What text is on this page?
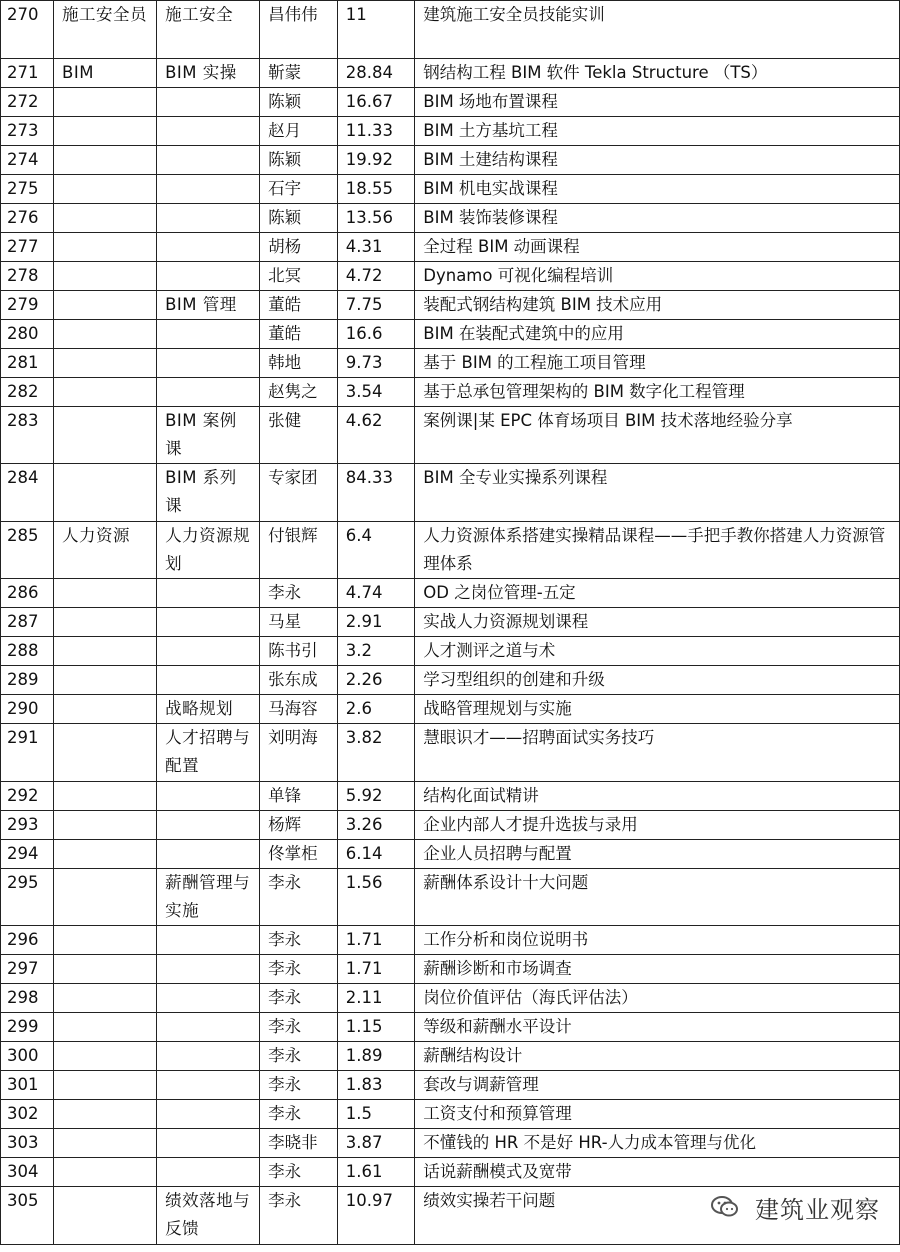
270	施工安全员	施工安全	昌伟伟	11	建筑施工安全员技能实训
271	BIM	BIM 实操	靳蒙	28.84	钢结构工程 BIM 软件 Tekla Structure （TS）
272			陈颖	16.67	BIM 场地布置课程
273			赵月	11.33	BIM 土方基坑工程
274			陈颖	19.92	BIM 土建结构课程
275			石宇	18.55	BIM 机电实战课程
276			陈颖	13.56	BIM 装饰装修课程
277			胡杨	4.31	全过程 BIM 动画课程
278			北冥	4.72	Dynamo 可视化编程培训
279		BIM 管理	董皓	7.75	装配式钢结构建筑 BIM 技术应用
280			董皓	16.6	BIM 在装配式建筑中的应用
281			韩地	9.73	基于 BIM 的工程施工项目管理
282			赵隽之	3.54	基于总承包管理架构的 BIM 数字化工程管理
283		BIM 案例课	张健	4.62	案例课|某 EPC 体育场项目 BIM 技术落地经验分享
284		BIM 系列课	专家团	84.33	BIM 全专业实操系列课程
285	人力资源	人力资源规划	付银辉	6.4	人力资源体系搭建实操精品课程——手把手教你搭建人力资源管理体系
286			李永	4.74	OD 之岗位管理-五定
287			马星	2.91	实战人力资源规划课程
288			陈书引	3.2	人才测评之道与术
289			张东成	2.26	学习型组织的创建和升级
290		战略规划	马海容	2.6	战略管理规划与实施
291		人才招聘与配置	刘明海	3.82	慧眼识才——招聘面试实务技巧
292			单锋	5.92	结构化面试精讲
293			杨辉	3.26	企业内部人才提升选拔与录用
294			佟掌柜	6.14	企业人员招聘与配置
295		薪酬管理与实施	李永	1.56	薪酬体系设计十大问题
296			李永	1.71	工作分析和岗位说明书
297			李永	1.71	薪酬诊断和市场调查
298			李永	2.11	岗位价值评估（海氏评估法）
299			李永	1.15	等级和薪酬水平设计
300			李永	1.89	薪酬结构设计
301			李永	1.83	套改与调薪管理
302			李永	1.5	工资支付和预算管理
303			李晓非	3.87	不懂钱的 HR 不是好 HR-人力成本管理与优化
304			李永	1.61	话说薪酬模式及宽带
305		绩效落地与反馈	李永	10.97	绩效实操若干问题
K°° 六敢跨境
建筑业观察
